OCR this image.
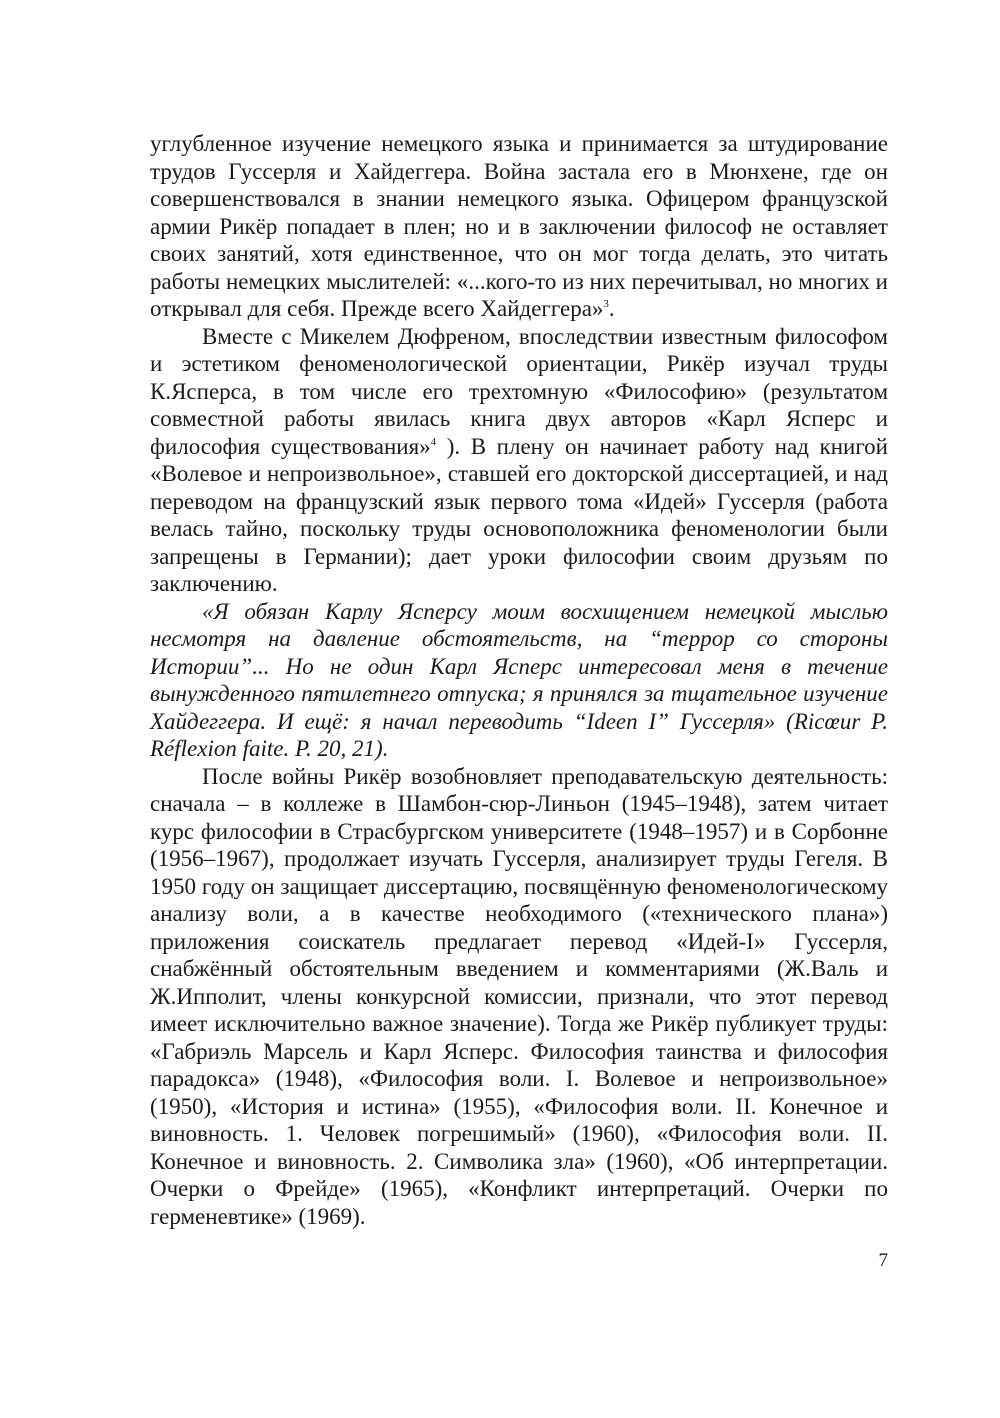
углубленное изучение немецкого языка и принимается за штудирование трудов Гуссерля и Хайдеггера. Война застала его в Мюнхене, где он совершенствовался в знании немецкого языка. Офицером французской армии Рикёр попадает в плен; но и в заключении философ не оставляет своих занятий, хотя единственное, что он мог тогда делать, это читать работы немецких мыслителей: «...кого-то из них перечитывал, но многих и открывал для себя. Прежде всего Хайдеггера»$^3$.

Вместе с Микелем Дюфреном, впоследствии известным философом и эстетиком феноменологической ориентации, Рикёр изучал труды К.Ясперса, в том числе его трехтомную «Философию» (результатом совместной работы явилась книга двух авторов «Карл Ясперс и философия существования»$^4$ ). В плену он начинает работу над книгой «Волевое и непроизвольное», ставшей его докторской диссертацией, и над переводом на французский язык первого тома «Идей» Гуссерля (работа велась тайно, поскольку труды основоположника феноменологии были запрещены в Германии); дает уроки философии своим друзьям по заключению.

«Я обязан Карлу Ясперсу моим восхищением немецкой мыслью несмотря на давление обстоятельств, на “террор со стороны Истории”... Но не один Карл Ясперс интересовал меня в течение вынужденного пятилетнего отпуска; я принялся за тщательное изучение Хайдеггера. И ещё: я начал переводить “Ideen I” Гуссерля» (Ricœur P. Réflexion faite. P. 20, 21).

После войны Рикёр возобновляет преподавательскую деятельность: сначала – в коллеже в Шамбон-сюр-Линьон (1945–1948), затем читает курс философии в Страсбургском университете (1948–1957) и в Сорбонне (1956–1967), продолжает изучать Гуссерля, анализирует труды Гегеля. В 1950 году он защищает диссертацию, посвящённую феноменологическому анализу воли, а в качестве необходимого («технического плана») приложения соискатель предлагает перевод «Идей-I» Гуссерля, снабжённый обстоятельным введением и комментариями (Ж.Валь и Ж.Ипполит, члены конкурсной комиссии, признали, что этот перевод имеет исключительно важное значение). Тогда же Рикёр публикует труды: «Габриэль Марсель и Карл Ясперс. Философия таинства и философия парадокса» (1948), «Философия воли. I. Волевое и непроизвольное» (1950), «История и истина» (1955), «Философия воли. II. Конечное и виновность. 1. Человек погрешимый» (1960), «Философия воли. II. Конечное и виновность. 2. Символика зла» (1960), «Об интерпретации. Очерки о Фрейде» (1965), «Конфликт интерпретаций. Очерки по герменевтике» (1969).

7
